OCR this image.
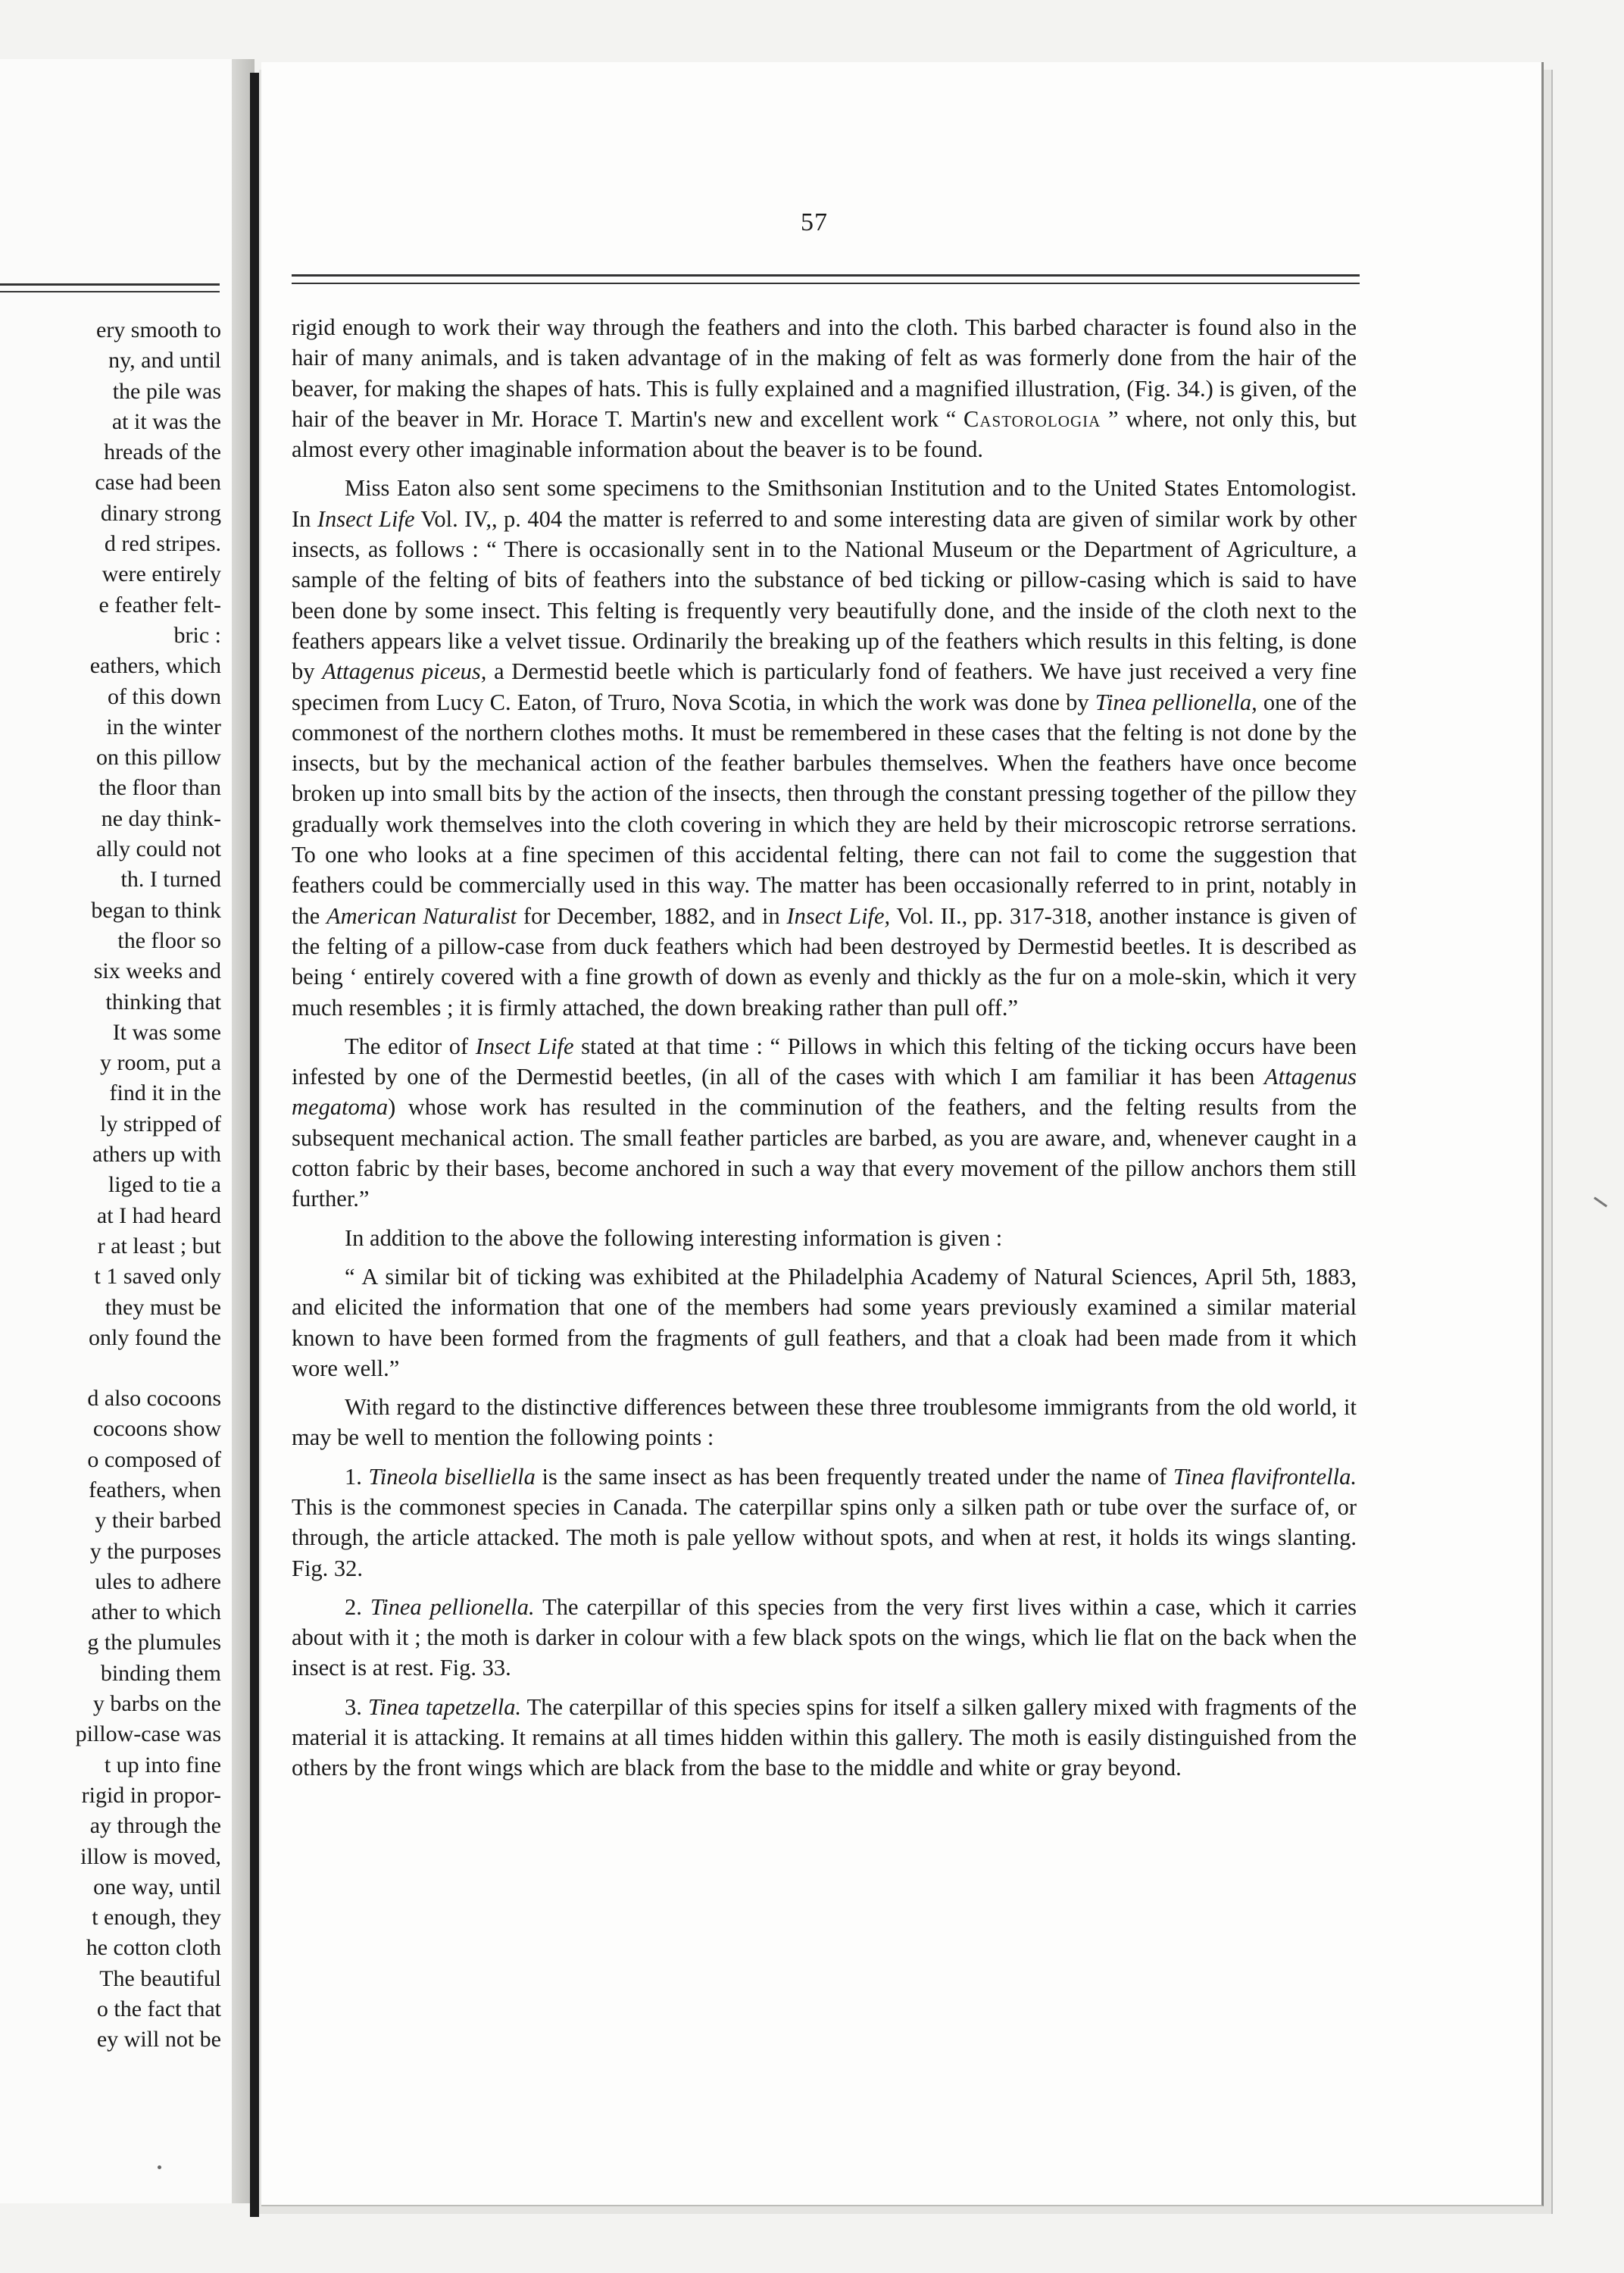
ery smooth to
ny, and until
the pile was
at it was the
hreads of the
case had been
dinary strong
d red stripes.
were entirely
e feather felt-
bric :
eathers, which
of this down
in the winter
on this pillow
the floor than
ne day think-
ally could not
th. I turned
began to think
the floor so
six weeks and
thinking that
It was some
y room, put a
find it in the
ly stripped of
athers up with
liged to tie a
at I had heard
r at least ; but
t 1 saved only
they must be
only found the
d also cocoons
cocoons show
o composed of
feathers, when
y their barbed
y the purposes
ules to adhere
ather to which
g the plumules
binding them
y barbs on the
pillow-case was
t up into fine
rigid in propor-
ay through the
illow is moved,
one way, until
t enough, they
he cotton cloth
The beautiful
o the fact that
ey will not be
57

rigid enough to work their way through the feathers and into the cloth. This barbed character is found also in the hair of many animals, and is taken advantage of in the making of felt as was formerly done from the hair of the beaver, for making the shapes of hats. This is fully explained and a magnified illustration, (Fig. 34.) is given, of the hair of the beaver in Mr. Horace T. Martin's new and excellent work “ Castorologia ” where, not only this, but almost every other imaginable information about the beaver is to be found.

Miss Eaton also sent some specimens to the Smithsonian Institution and to the United States Entomologist. In Insect Life Vol. IV,, p. 404 the matter is referred to and some interesting data are given of similar work by other insects, as follows : “ There is occasionally sent in to the National Museum or the Department of Agriculture, a sample of the felting of bits of feathers into the substance of bed ticking or pillow-casing which is said to have been done by some insect. This felting is frequently very beautifully done, and the inside of the cloth next to the feathers appears like a velvet tissue. Ordinarily the breaking up of the feathers which results in this felting, is done by Attagenus piceus, a Dermestid beetle which is particularly fond of feathers. We have just received a very fine specimen from Lucy C. Eaton, of Truro, Nova Scotia, in which the work was done by Tinea pellionella, one of the commonest of the northern clothes moths. It must be remembered in these cases that the felting is not done by the insects, but by the mechanical action of the feather barbules themselves. When the feathers have once become broken up into small bits by the action of the insects, then through the constant pressing together of the pillow they gradually work themselves into the cloth covering in which they are held by their microscopic retrorse serrations. To one who looks at a fine specimen of this accidental felting, there can not fail to come the suggestion that feathers could be commercially used in this way. The matter has been occasionally referred to in print, notably in the American Naturalist for December, 1882, and in Insect Life, Vol. II., pp. 317-318, another instance is given of the felting of a pillow-case from duck feathers which had been destroyed by Dermestid beetles. It is described as being ‘ entirely covered with a fine growth of down as evenly and thickly as the fur on a mole-skin, which it very much resembles ; it is firmly attached, the down breaking rather than pull off.”

The editor of Insect Life stated at that time : “ Pillows in which this felting of the ticking occurs have been infested by one of the Dermestid beetles, (in all of the cases with which I am familiar it has been Attagenus megatoma) whose work has resulted in the comminution of the feathers, and the felting results from the subsequent mechanical action. The small feather particles are barbed, as you are aware, and, whenever caught in a cotton fabric by their bases, become anchored in such a way that every movement of the pillow anchors them still further.”

In addition to the above the following interesting information is given :

“ A similar bit of ticking was exhibited at the Philadelphia Academy of Natural Sciences, April 5th, 1883, and elicited the information that one of the members had some years previously examined a similar material known to have been formed from the fragments of gull feathers, and that a cloak had been made from it which wore well.”

With regard to the distinctive differences between these three troublesome immigrants from the old world, it may be well to mention the following points :

1. Tineola biselliella is the same insect as has been frequently treated under the name of Tinea flavifrontella. This is the commonest species in Canada. The caterpillar spins only a silken path or tube over the surface of, or through, the article attacked. The moth is pale yellow without spots, and when at rest, it holds its wings slanting. Fig. 32.

2. Tinea pellionella. The caterpillar of this species from the very first lives within a case, which it carries about with it ; the moth is darker in colour with a few black spots on the wings, which lie flat on the back when the insect is at rest. Fig. 33.

3. Tinea tapetzella. The caterpillar of this species spins for itself a silken gallery mixed with fragments of the material it is attacking. It remains at all times hidden within this gallery. The moth is easily distinguished from the others by the front wings which are black from the base to the middle and white or gray beyond.
